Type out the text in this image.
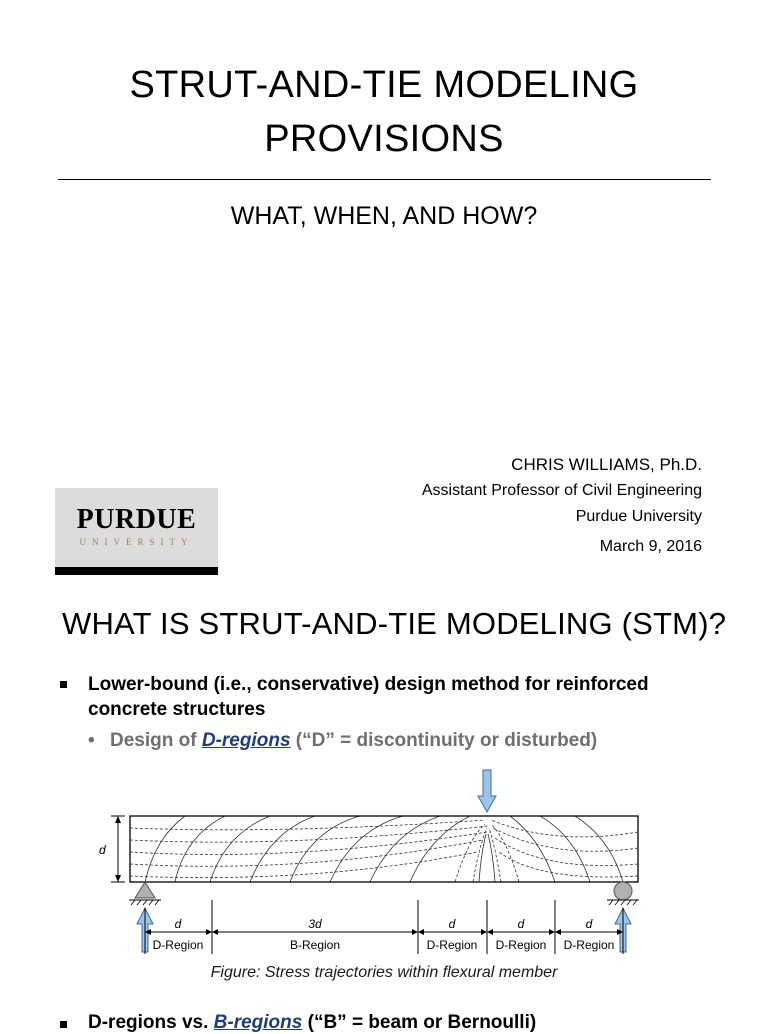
STRUT-AND-TIE MODELING
PROVISIONS
WHAT, WHEN, AND HOW?
CHRIS WILLIAMS, Ph.D.
Assistant Professor of Civil Engineering
Purdue University
March 9, 2016
PURDUE
UNIVERSITY
WHAT IS STRUT-AND-TIE MODELING (STM)?
Lower-bound (i.e., conservative) design method for reinforced
concrete structures
• Design of D-regions (“D” = discontinuity or disturbed)
d
d	3d	d	d	d
D-Region	B-Region	D-Region D-Region D-Region
Figure: Stress trajectories within flexural member
D-regions vs. B-regions (“B” = beam or Bernoulli)
